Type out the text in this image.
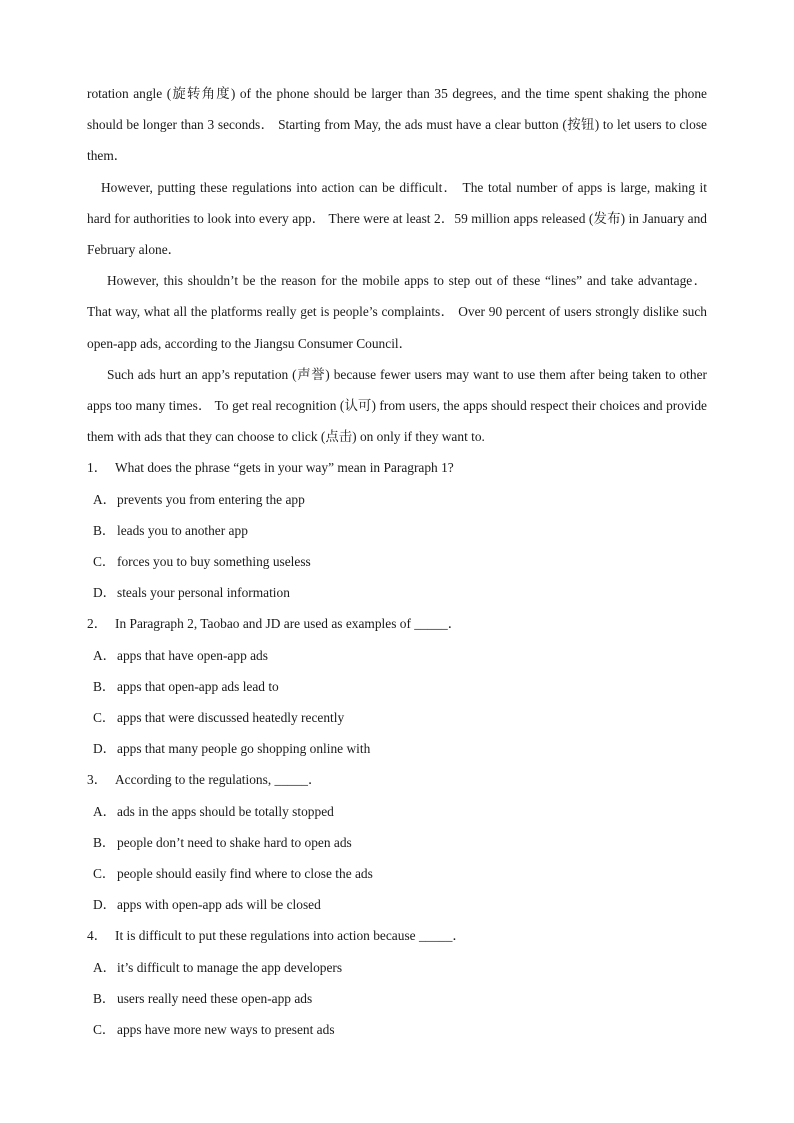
rotation angle (旋转角度) of the phone should be larger than 35 degrees, and the time spent shaking the phone should be longer than 3 seconds． Starting from May, the ads must have a clear button (按钮) to let users to close them．

However, putting these regulations into action can be difficult． The total number of apps is large, making it hard for authorities to look into every app． There were at least 2．59 million apps released (发布) in January and February alone．

However, this shouldn’t be the reason for the mobile apps to step out of these “lines” and take advantage． That way, what all the platforms really get is people’s complaints． Over 90 percent of users strongly dislike such open-app ads, according to the Jiangsu Consumer Council．

Such ads hurt an app’s reputation (声誉) because fewer users may want to use them after being taken to other apps too many times． To get real recognition (认可) from users, the apps should respect their choices and provide them with ads that they can choose to click (点击) on only if they want to.

1． What does the phrase “gets in your way” mean in Paragraph 1?

A．prevents you from entering the app

B． leads you to another app

C． forces you to buy something useless

D．steals your personal information

2． In Paragraph 2, Taobao and JD are used as examples of _____．

A．apps that have open-app ads

B． apps that open-app ads lead to

C． apps that were discussed heatedly recently

D．apps that many people go shopping online with

3． According to the regulations, _____．

A．ads in the apps should be totally stopped

B． people don’t need to shake hard to open ads

C． people should easily find where to close the ads

D．apps with open-app ads will be closed

4． It is difficult to put these regulations into action because _____．

A．it’s difficult to manage the app developers

B． users really need these open-app ads

C． apps have more new ways to present ads
